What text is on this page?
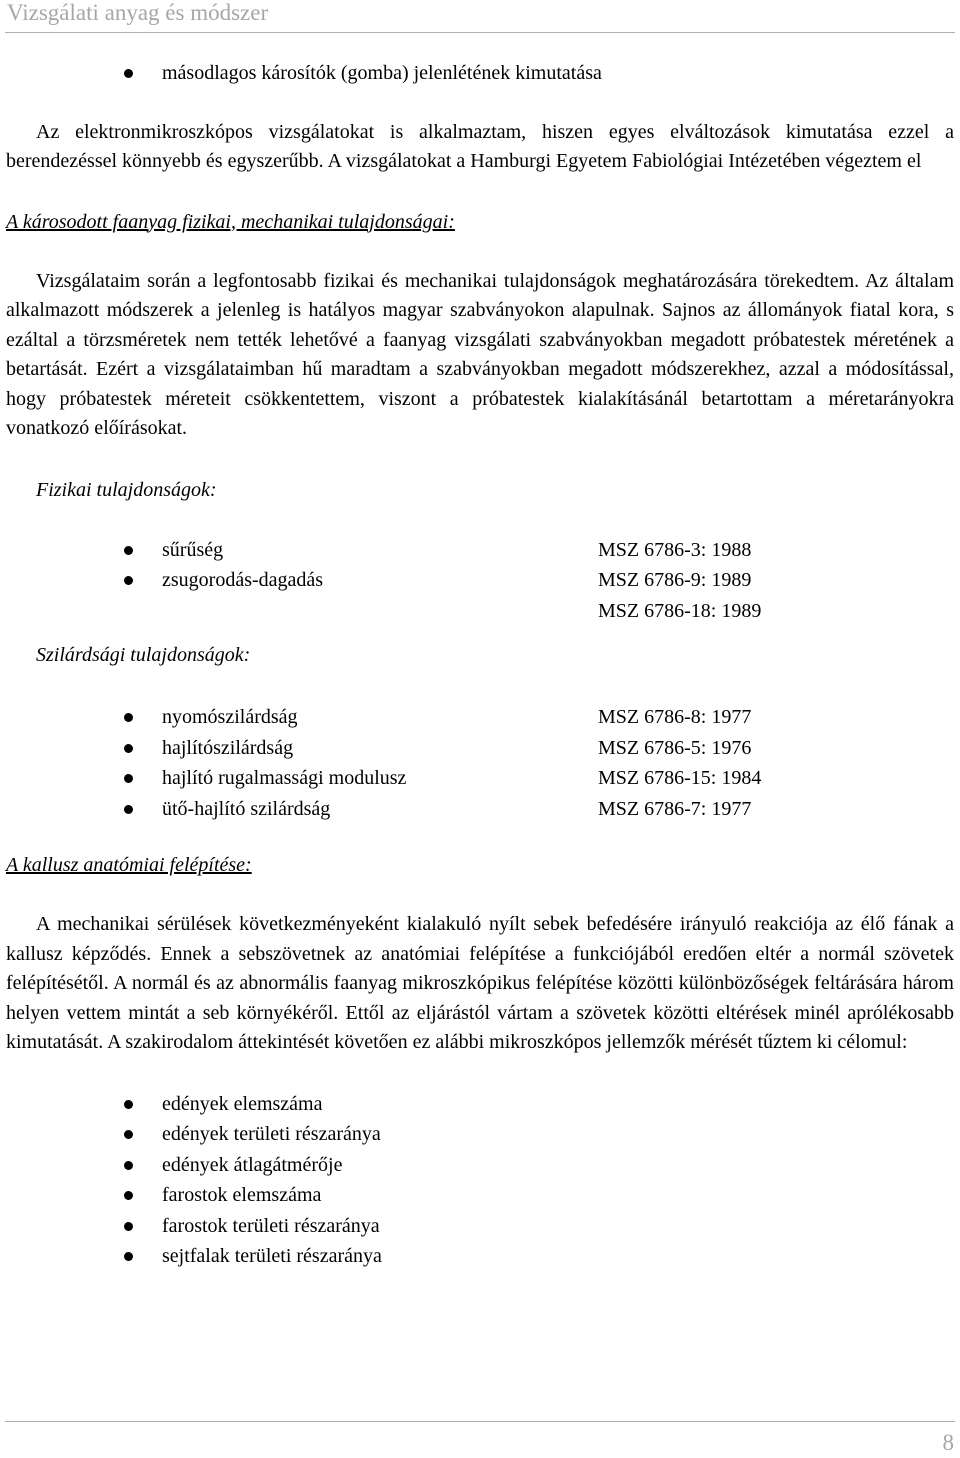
Vizsgálati anyag és módszer
másodlagos károsítók (gomba) jelenlétének kimutatása

Az elektronmikroszkópos vizsgálatokat is alkalmaztam, hiszen egyes elváltozások kimutatása ezzel a berendezéssel könnyebb és egyszerűbb. A vizsgálatokat a Hamburgi Egyetem Fabiológiai Intézetében végeztem el

A károsodott faanyag fizikai, mechanikai tulajdonságai:

Vizsgálataim során a legfontosabb fizikai és mechanikai tulajdonságok meghatározására törekedtem. Az általam alkalmazott módszerek a jelenleg is hatályos magyar szabványokon alapulnak. Sajnos az állományok fiatal kora, s ezáltal a törzsméretek nem tették lehetővé a faanyag vizsgálati szabványokban megadott próbatestek méretének a betartását. Ezért a vizsgálataimban hű maradtam a szabványokban megadott módszerekhez, azzal a módosítással, hogy próbatestek méreteit csökkentettem, viszont a próbatestek kialakításánál betartottam a méretarányokra vonatkozó előírásokat.

Fizikai tulajdonságok:
sűrűség	MSZ 6786-3: 1988
zsugorodás-dagadás	MSZ 6786-9: 1989
MSZ 6786-18: 1989
Szilárdsági tulajdonságok:
nyomószilárdság	MSZ 6786-8: 1977
hajlítószilárdság	MSZ 6786-5: 1976
hajlító rugalmassági modulusz	MSZ 6786-15: 1984
ütő-hajlító szilárdság	MSZ 6786-7: 1977
A kallusz anatómiai felépítése:

A mechanikai sérülések következményeként kialakuló nyílt sebek befedésére irányuló reakciója az élő fának a kallusz képződés. Ennek a sebszövetnek az anatómiai felépítése a funkciójából eredően eltér a normál szövetek felépítésétől. A normál és az abnormális faanyag mikroszkópikus felépítése közötti különbözőségek feltárására három helyen vettem mintát a seb környékéről. Ettől az eljárástól vártam a szövetek közötti eltérések minél aprólékosabb kimutatását. A szakirodalom áttekintését követően ez alábbi mikroszkópos jellemzők mérését tűztem ki célomul:

edények elemszáma
edények területi részaránya
edények átlagátmérője
farostok elemszáma
farostok területi részaránya
sejtfalak területi részaránya
8
